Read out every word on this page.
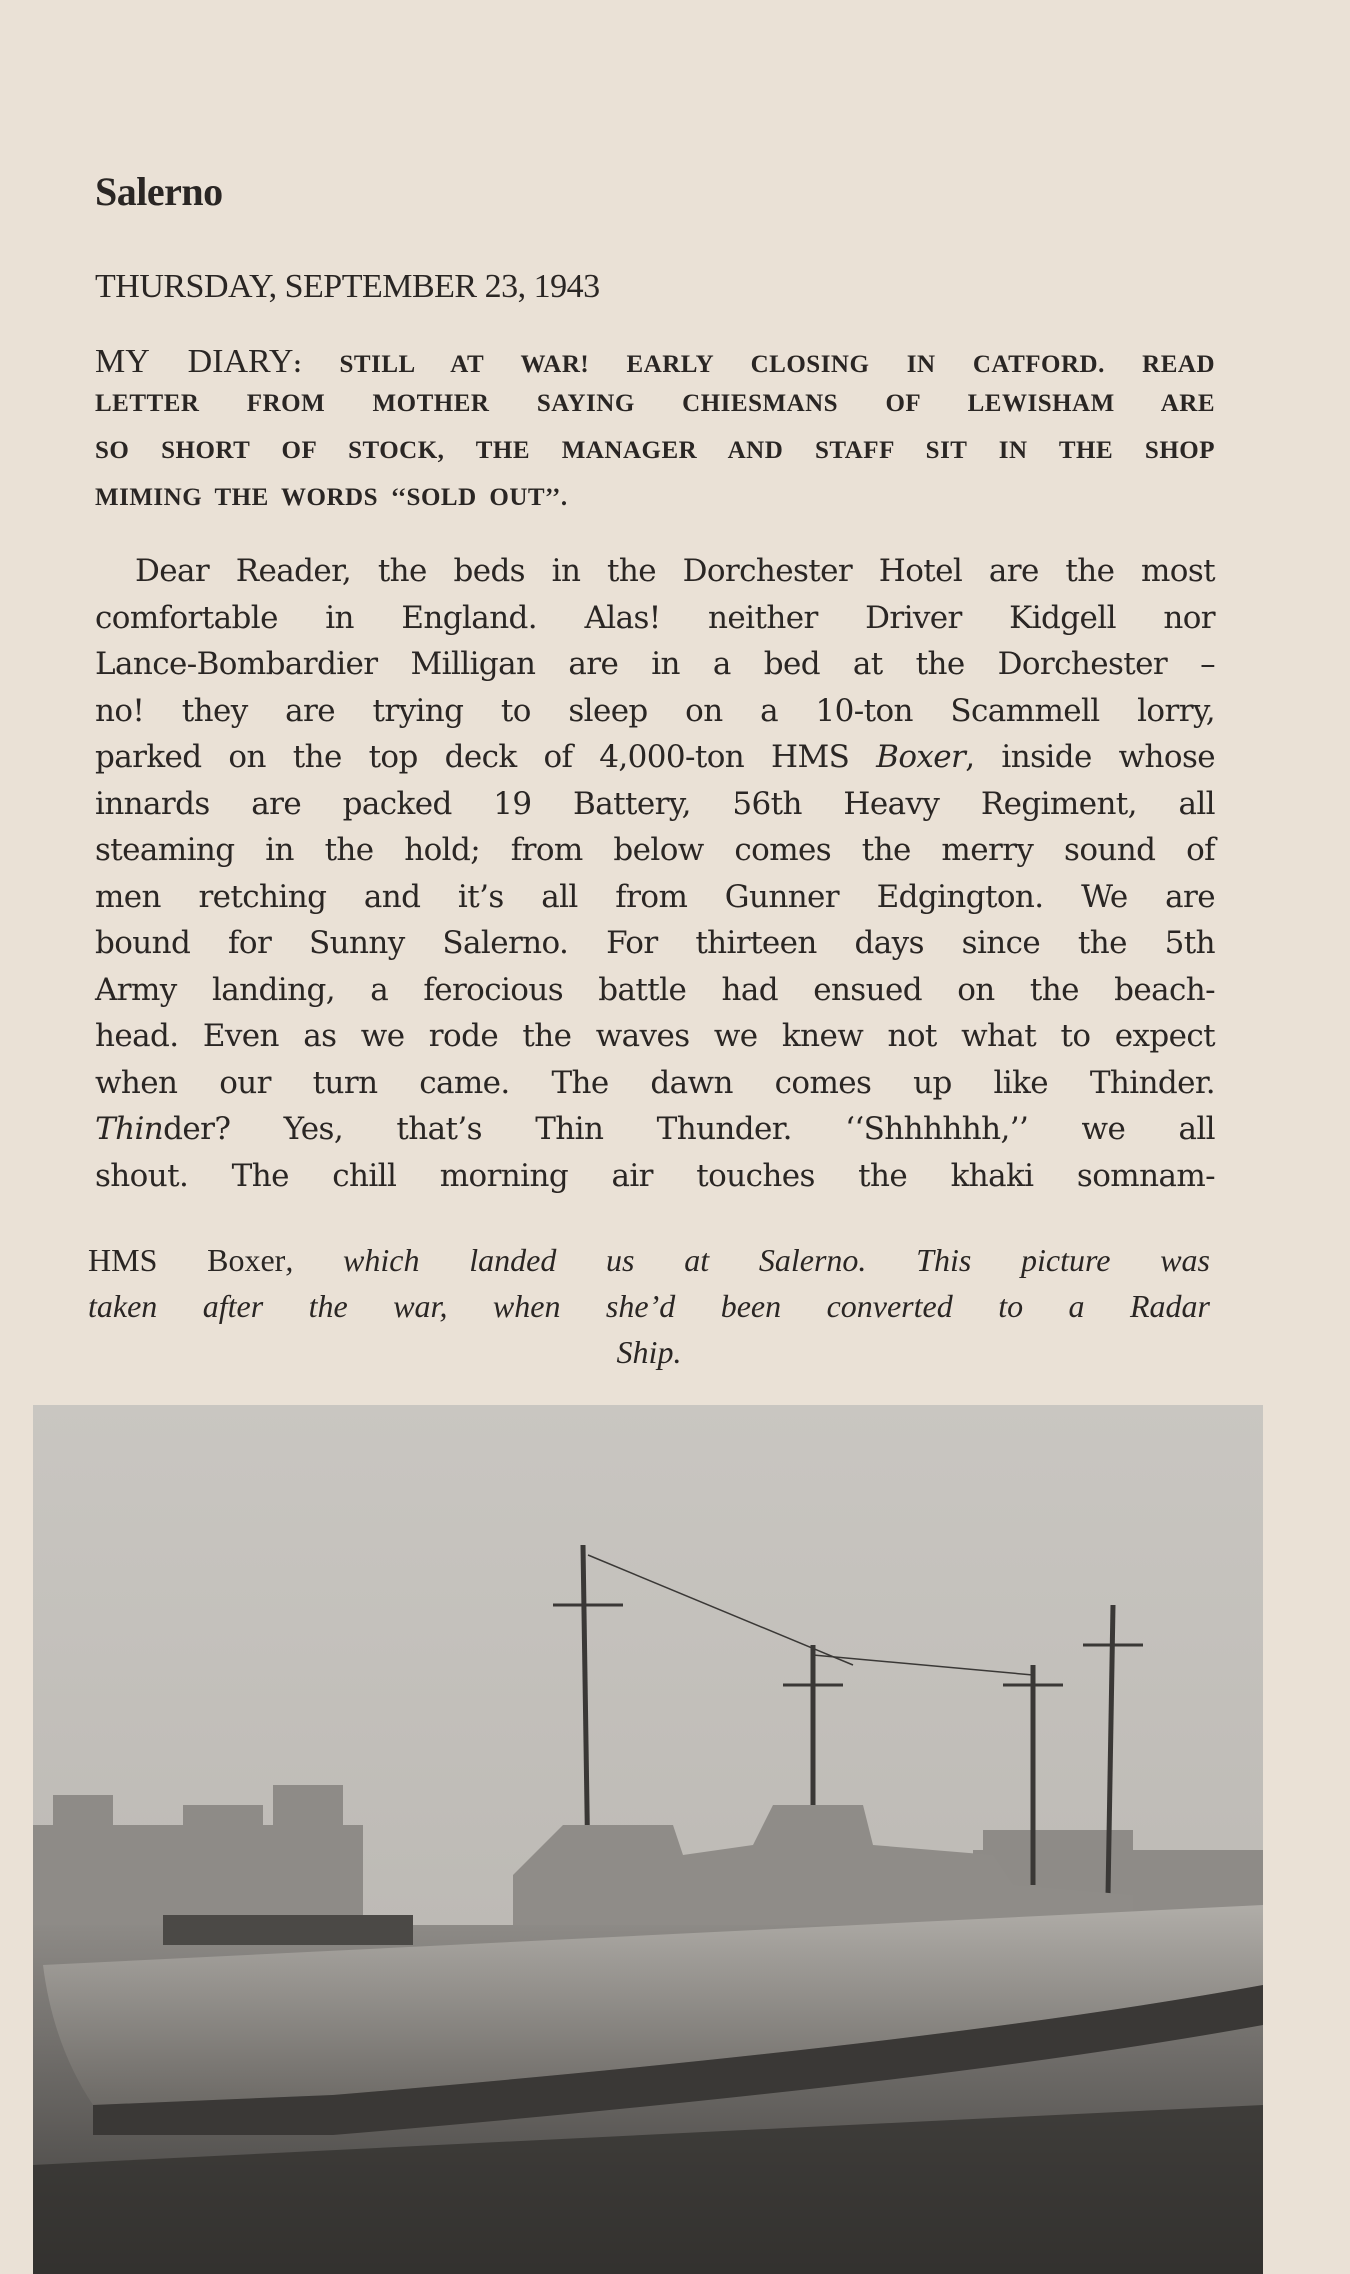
Salerno
THURSDAY, SEPTEMBER 23, 1943
MY DIARY: STILL AT WAR! EARLY CLOSING IN CATFORD. READ
LETTER FROM MOTHER SAYING CHIESMANS OF LEWISHAM ARE
SO SHORT OF STOCK, THE MANAGER AND STAFF SIT IN THE SHOP
MIMING THE WORDS ‘‘SOLD OUT’’.
Dear Reader, the beds in the Dorchester Hotel are the most
comfortable in England. Alas! neither Driver Kidgell nor
Lance-Bombardier Milligan are in a bed at the Dorchester –
no! they are trying to sleep on a 10-ton Scammell lorry,
parked on the top deck of 4,000-ton HMS Boxer, inside whose
innards are packed 19 Battery, 56th Heavy Regiment, all
steaming in the hold; from below comes the merry sound of
men retching and it’s all from Gunner Edgington. We are
bound for Sunny Salerno. For thirteen days since the 5th
Army landing, a ferocious battle had ensued on the beach-
head. Even as we rode the waves we knew not what to expect
when our turn came. The dawn comes up like Thinder.
Thinder? Yes, that’s Thin Thunder. ‘‘Shhhhhh,’’ we all
shout. The chill morning air touches the khaki somnam-
HMS Boxer, which landed us at Salerno. This picture was
taken after the war, when she’d been converted to a Radar
Ship.
